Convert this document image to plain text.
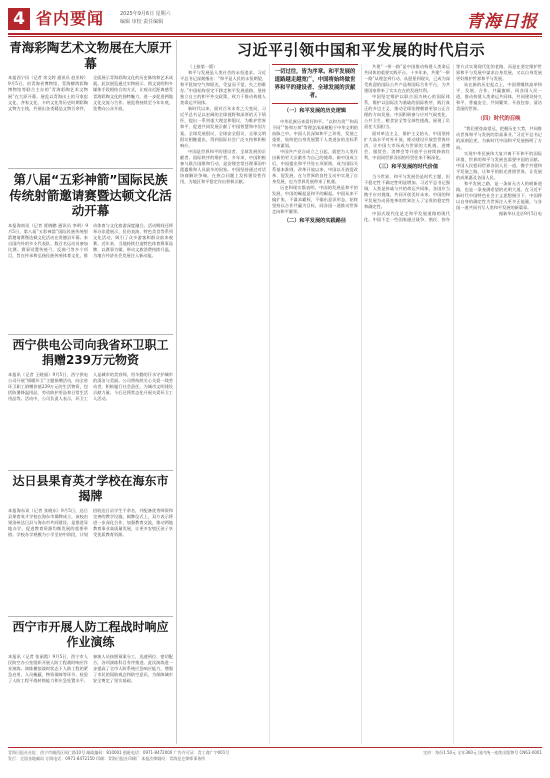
4 省内要闻	2025年9月6日 星期六
编辑 审校 责任编辑	青海日报
青海彩陶艺术文物展在大原开幕
本报西宁讯（记者 余文婷 通讯员 赵亚婷）9月5日，由青海省博物馆、青海柳湾彩陶博物馆等联合主办的“青海彩陶艺术文物展”在大原开幕。展览以青海出土的马家窑文化、齐家文化、卡约文化等历史时期彩陶文物为主线，共展出各类精品文物百余件，全面展示青海彩陶文化的历史脉络和艺术成就。此次展览通过实物展示、图文说明和多媒体手段相结合的方式，让观众近距离感受青海彩陶文化的独特魅力，进一步促进两地文化交流与合作。展览将持续至今年年底，免费向公众开放。
第八届“五彩神箭”国际民族传统射箭邀请赛暨达顿文化活动开幕
本报海南讯（记者 贾晓鹏 通讯员 李明）9月5日，第八届“五彩神箭”国际民族传统射箭邀请赛暨达顿文化活动在贵德县开幕。来自国内外的多支代表队、数百名运动员参加比赛。赛事设置传统弓、反曲弓等多个项目，旨在传承和弘扬民族传统体育文化，推动体育与文化旅游深度融合。活动期间还将举办非遗展示、民俗表演、特色美食等系列文化活动，吸引了众多游客和群众前来观赛。近年来，当地持续打造特色体育赛事品牌，以赛事为媒，带动文旅消费持续升温，为地方经济社会发展注入新动能。
西宁供电公司向我省环卫职工捐赠239万元物资
本报讯（记者 王晓丽）9月5日，西宁供电公司开展“情暖环卫”主题捐赠活动，向全省环卫职工捐赠价值239万元的生活物资，包括防暑降温用品、劳动防护用品和日常生活用品等。活动中，公司负责人表示，环卫工人是城市的美容师，用辛勤的汗水守护城市的清洁与美丽。公司将持续关心关爱一线劳动者，积极履行社会责任，为城市文明建设贡献力量。今后还将常态化开展关爱环卫工人活动。
达日县果育英才学校在海东市揭牌
本报海东讯（记者 张晓东）9月5日，达日县果育英才学校在海东市揭牌成立。该校由果洛州达日县与海东市共同建设，是推进异地办学、促进教育资源均衡发展的重要举措。学校办学规模为小学至初中阶段，计划招收达日县学生千余名，并配备优秀师资和完善的教学设施。揭牌仪式上，双方表示将进一步深化合作，加强教育交流，推动两地教育事业高质量发展，让更多农牧区孩子享受优质教育资源。
西宁市开展人防工程战时响应作业演练
本报讯（记者 张丽霞）9月5日，西宁市人民防空办公室组织开展人防工程战时响应作业演练。演练模拟战时状态下人防工程的紧急启用、人员掩蔽、物资保障等环节，检验了人防工程平战转换能力和应急处置水平。参演人员按照预案分工，迅速到位、密切配合，各项演练科目有序推进。此次演练进一步提高了全市人防系统应急响应能力，增强了市民的国防观念和防空意识，为保障城市安全奠定了坚实基础。
习近平引领中国和平发展的时代启示

（上接第一版）

和平与发展是人类社会的永恒追求。习近平总书记深刻指出：“和平是人民的永恒期望，和平犹如空气和阳光，受益而不觉，失之则难存。”中国始终坚定不移走和平发展道路，坚持独立自主的和平外交政策，致力于推动构建人类命运共同体。

新时代以来，面对百年未有之大变局，习近平总书记以宏阔的全球视野和深厚的天下情怀，提出一系列重大理念和倡议，为维护世界和平、促进共同发展贡献了中国智慧和中国方案。全球发展倡议、全球安全倡议、全球文明倡议相继提出，得到国际社会广泛支持和积极响应。

中国是世界和平的建设者、全球发展的贡献者、国际秩序的维护者。多年来，中国积极参与联合国维和行动，是安理会常任理事国中派遣维和人员最多的国家。中国坚持通过对话协商解决争端，在热点问题上发挥建设性作用，为地区和平稳定作出积极贡献。

一切过往，皆为序章。和平发展的道路越走越宽广，中国将始终做世界和平的建设者、全球发展的贡献者。
（一）和平发展的历史逻辑

中华民族历来爱好和平。“以和为贵”“和而不同”“协和万邦”等理念深深植根于中华文明的血脉之中。中国人民深知和平之珍贵、发展之重要，始终把自身发展置于人类进步的坐标系中来谋划。

中国共产党自成立之日起，就把为人类作出新的更大贡献作为自己的使命。新中国成立后，中国提出和平共处五项原则，成为国际关系基本准则。改革开放以来，中国以开放促改革、促发展，在与世界的良性互动中实现了自身发展，也为世界发展带来了机遇。

历史和现实都表明，中国的发展是和平的发展，中国的崛起是和平的崛起。中国从来不搞扩张，不谋求霸权，不输出意识形态，始终坚持以合作共赢为目标，同各国一道推动世界走向和平繁荣。

（二）和平发展的实践路径

共建“一带一路”是中国推动构建人类命运共同体的重要实践平台。十多年来，共建“一带一路”从理念到行动、从愿景到现实，已成为深受欢迎的国际公共产品和国际合作平台，为共建国家带来了实实在在的发展红利。

中国坚定维护以联合国为核心的国际体系，维护以国际法为基础的国际秩序，践行真正的多边主义，推动全球治理朝着更加公正合理的方向发展。中国积极参与应对气候变化、公共卫生、粮食安全等全球性挑战，展现了负责任大国担当。

面对单边主义、保护主义抬头，中国坚持扩大高水平对外开放，推动建设开放型世界经济，让中国大市场成为世界的大机遇。进博会、服贸会、消博会等开放平台持续释放红利，中国同世界各国的经贸往来不断深化。

（三）和平发展的时代价值

当今世界，和平与发展仍是时代主题，但不稳定性不确定性明显增加。习近平总书记强调，人类是休戚与共的命运共同体，各国应当携手应对挑战，共同开创美好未来。中国的和平发展为动荡变革的世界注入了宝贵的稳定性和确定性。

中国式现代化是走和平发展道路的现代化。中国不走一些国家通过战争、殖民、掠夺等方式实现现代化的老路，而是在坚定维护世界和平与发展中谋求自身发展，又以自身发展更好维护世界和平与发展。

站在新的历史起点上，中国将继续高举和平、发展、合作、共赢旗帜，同各国人民一道，推动构建人类命运共同体，共同建设持久和平、普遍安全、共同繁荣、开放包容、清洁美丽的世界。

（四）时代的召唤

“我们要登高望远，把握历史大势，共同推动世界和平与发展的崇高事业。”习近平总书记的深刻论述，为新时代中国和平发展指明了方向。

实现中华民族伟大复兴离不开和平的国际环境，世界的和平与发展也需要中国的贡献。中国人民愿同世界各国人民一道，携手共建和平发展之路，让和平的阳光普照世界，让发展的成果惠及各国人民。

和平发展之路，是一条前无古人的崭新道路，也是一条充满希望的光明大道。在习近平新时代中国特色社会主义思想指引下，中国将以自身的确定性为世界注入更多正能量，与各国一道共同书写人类和平发展的新篇章。

据新华社北京9月5日电

青海日报社社址：西宁市城西区同仁路10号 邮政编码：810001 值班电话：0971-8472000 广告许可证：青工商广字001号
发行：全国各地邮局 订阅电话：0971-8472150 印刷：青海日报社印刷厂 本报法律顾问：青海昆仑律师事务所
定价：每份1.50元 全年360元 国内统一连续出版物号 CN63-0001
